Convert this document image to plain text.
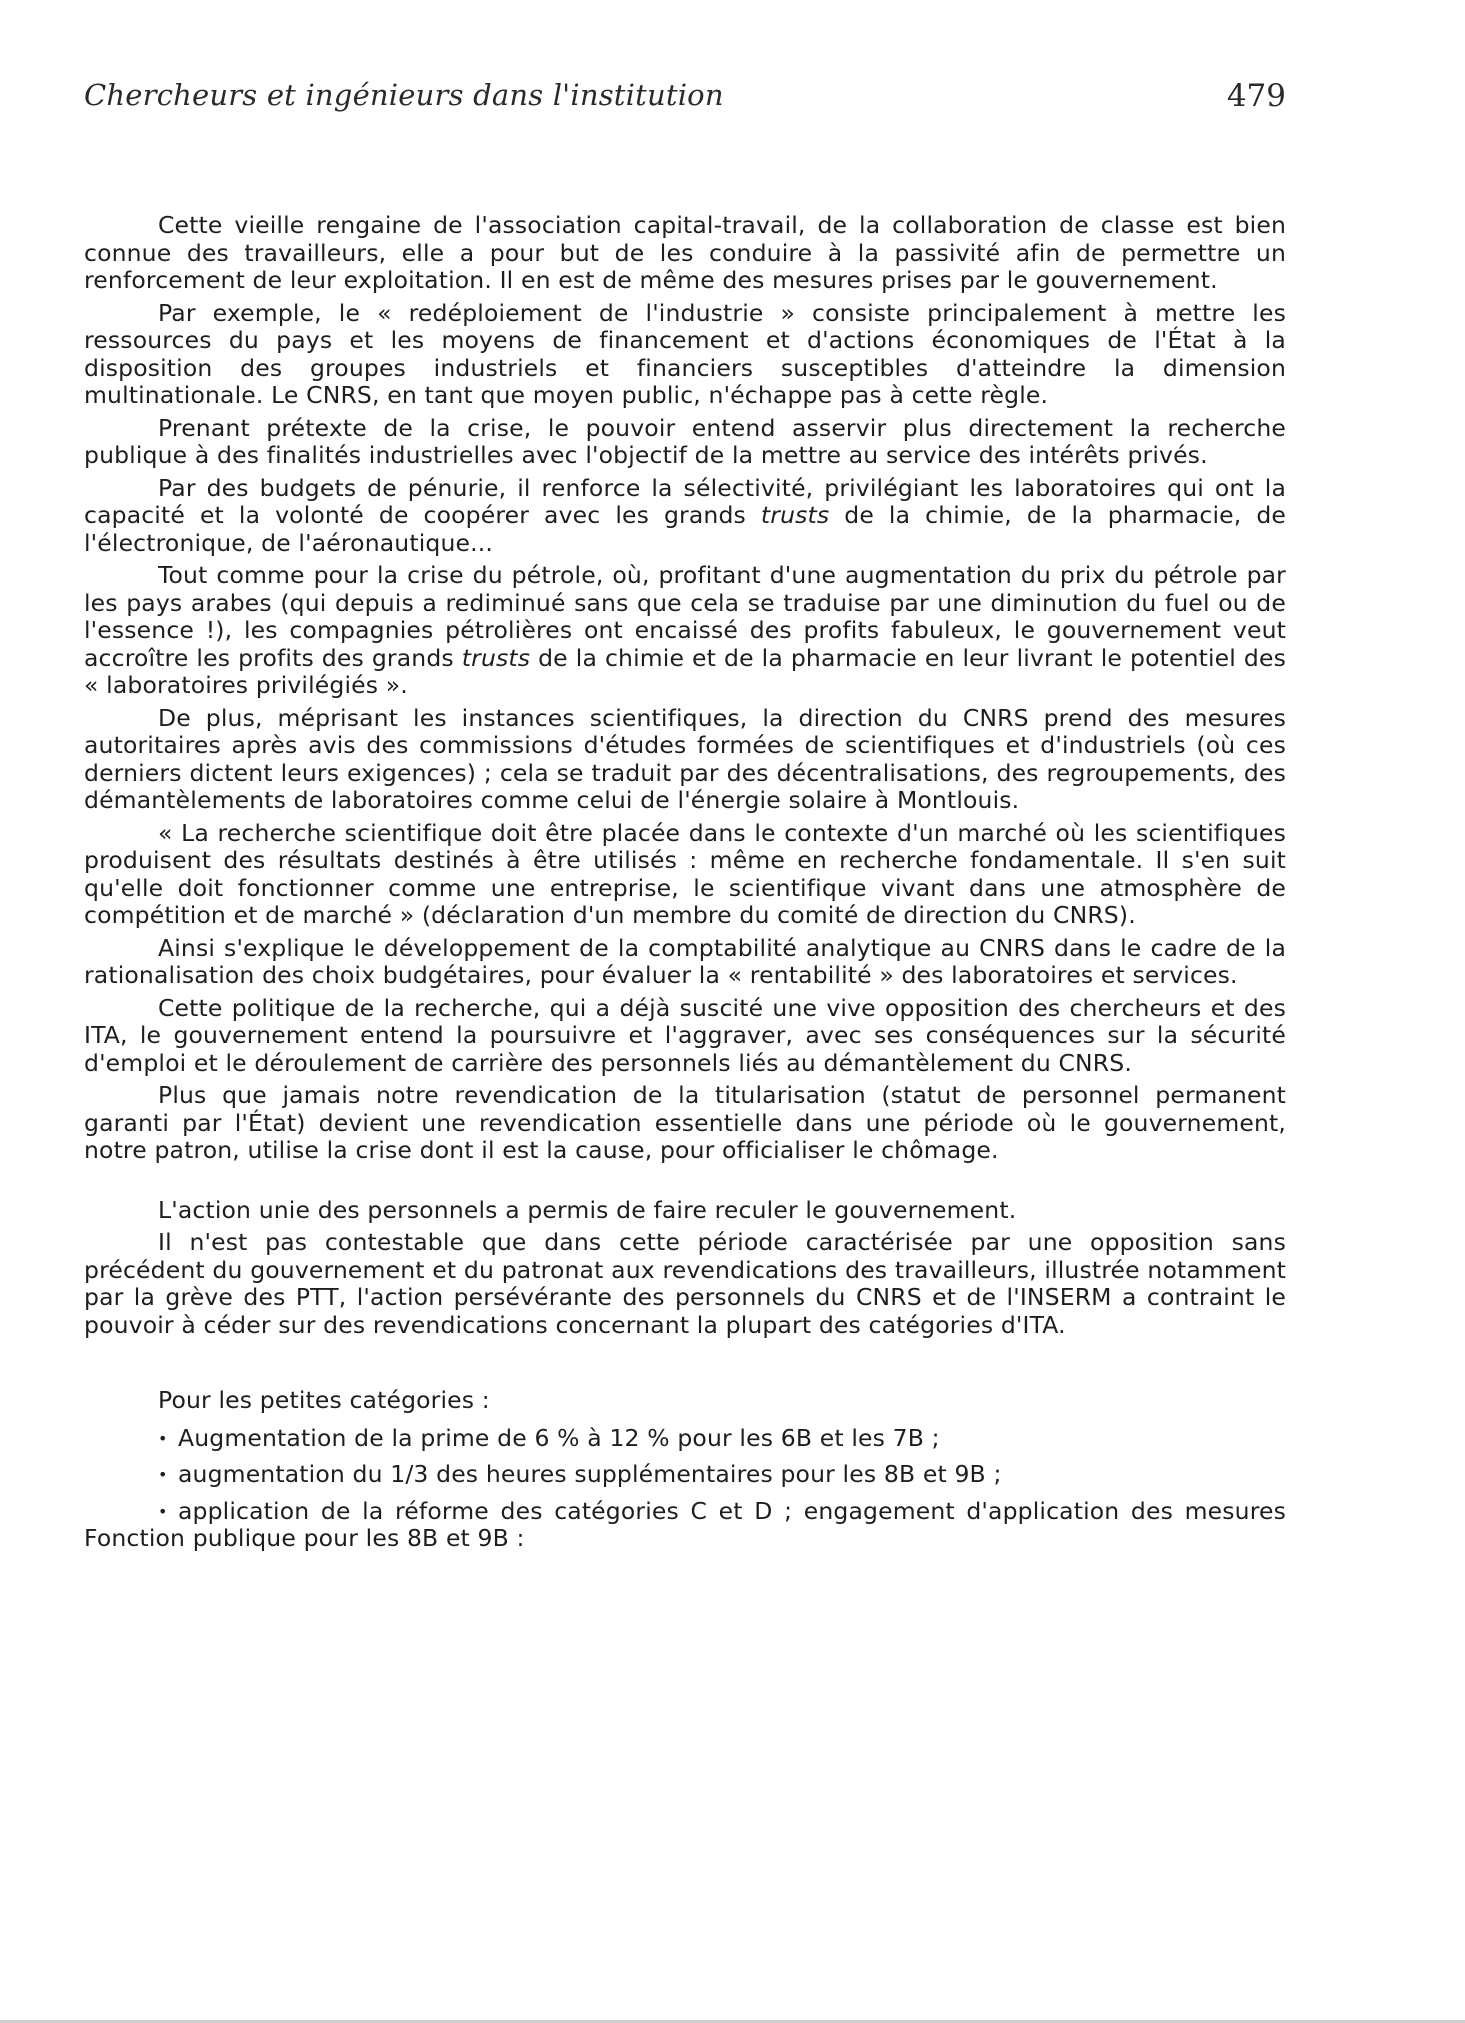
Chercheurs et ingénieurs dans l'institution	479

Cette vieille rengaine de l'association capital-travail, de la collaboration de classe est bien connue des travailleurs, elle a pour but de les conduire à la passivité afin de permettre un renforcement de leur exploitation. Il en est de même des mesures prises par le gouvernement.

Par exemple, le « redéploiement de l'industrie » consiste principalement à mettre les ressources du pays et les moyens de financement et d'actions économiques de l'État à la disposition des groupes industriels et financiers susceptibles d'atteindre la dimension multinationale. Le CNRS, en tant que moyen public, n'échappe pas à cette règle.

Prenant prétexte de la crise, le pouvoir entend asservir plus directement la recherche publique à des finalités industrielles avec l'objectif de la mettre au service des intérêts privés.

Par des budgets de pénurie, il renforce la sélectivité, privilégiant les laboratoires qui ont la capacité et la volonté de coopérer avec les grands trusts de la chimie, de la pharmacie, de l'électronique, de l'aéronautique...

Tout comme pour la crise du pétrole, où, profitant d'une augmentation du prix du pétrole par les pays arabes (qui depuis a rediminué sans que cela se traduise par une diminution du fuel ou de l'essence !), les compagnies pétrolières ont encaissé des profits fabuleux, le gouvernement veut accroître les profits des grands trusts de la chimie et de la pharmacie en leur livrant le potentiel des « laboratoires privilégiés ».

De plus, méprisant les instances scientifiques, la direction du CNRS prend des mesures autoritaires après avis des commissions d'études formées de scientifiques et d'industriels (où ces derniers dictent leurs exigences) ; cela se traduit par des décentralisations, des regroupements, des démantèlements de laboratoires comme celui de l'énergie solaire à Montlouis.

« La recherche scientifique doit être placée dans le contexte d'un marché où les scientifiques produisent des résultats destinés à être utilisés : même en recherche fondamentale. Il s'en suit qu'elle doit fonctionner comme une entreprise, le scientifique vivant dans une atmosphère de compétition et de marché » (déclaration d'un membre du comité de direction du CNRS).

Ainsi s'explique le développement de la comptabilité analytique au CNRS dans le cadre de la rationalisation des choix budgétaires, pour évaluer la « rentabilité » des laboratoires et services.

Cette politique de la recherche, qui a déjà suscité une vive opposition des chercheurs et des ITA, le gouvernement entend la poursuivre et l'aggraver, avec ses conséquences sur la sécurité d'emploi et le déroulement de carrière des personnels liés au démantèlement du CNRS.

Plus que jamais notre revendication de la titularisation (statut de personnel permanent garanti par l'État) devient une revendication essentielle dans une période où le gouvernement, notre patron, utilise la crise dont il est la cause, pour officialiser le chômage.

L'action unie des personnels a permis de faire reculer le gouvernement.

Il n'est pas contestable que dans cette période caractérisée par une opposition sans précédent du gouvernement et du patronat aux revendications des travailleurs, illustrée notamment par la grève des PTT, l'action persévérante des personnels du CNRS et de l'INSERM a contraint le pouvoir à céder sur des revendications concernant la plupart des catégories d'ITA.

Pour les petites catégories :

• Augmentation de la prime de 6 % à 12 % pour les 6B et les 7B ;
• augmentation du 1/3 des heures supplémentaires pour les 8B et 9B ;
• application de la réforme des catégories C et D ; engagement d'application des mesures Fonction publique pour les 8B et 9B :
